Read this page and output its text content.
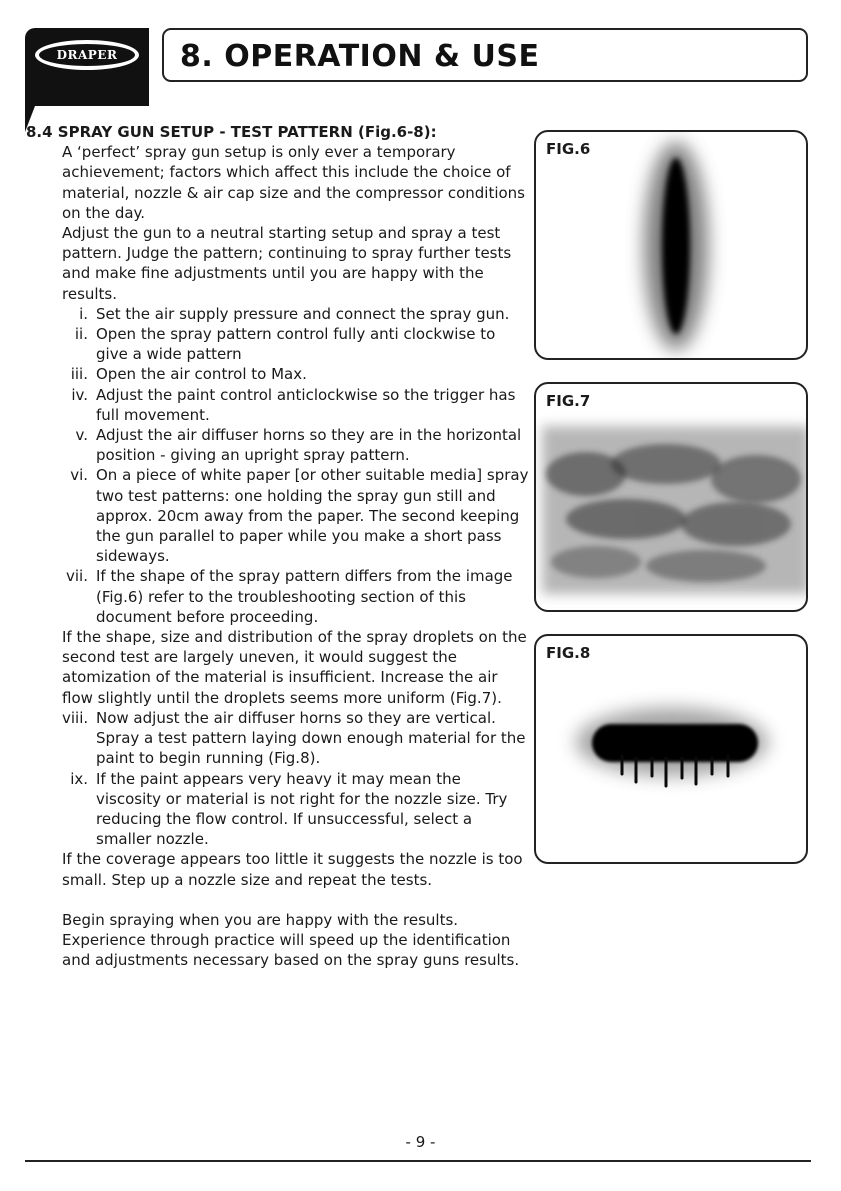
DRAPER
R 8. OPERATION & USE
8.4 SPRAY GUN SETUP - TEST PATTERN (Fig.6-8):
A ‘perfect’ spray gun setup is only ever a temporary achievement; factors which affect this include the choice of material, nozzle & air cap size and the compressor conditions on the day.
Adjust the gun to a neutral starting setup and spray a test pattern. Judge the pattern; continuing to spray further tests and make fine adjustments until you are happy with the results.
i. Set the air supply pressure and connect the spray gun.
ii. Open the spray pattern control fully anti clockwise to give a wide pattern
iii. Open the air control to Max.
iv. Adjust the paint control anticlockwise so the trigger has full movement.
v. Adjust the air diffuser horns so they are in the horizontal position - giving an upright spray pattern.
vi. On a piece of white paper [or other suitable media] spray two test patterns: one holding the spray gun still and approx. 20cm away from the paper. The second keeping the gun parallel to paper while you make a short pass sideways.
vii. If the shape of the spray pattern differs from the image (Fig.6) refer to the troubleshooting section of this document before proceeding.
If the shape, size and distribution of the spray droplets on the second test are largely uneven, it would suggest the atomization of the material is insufficient. Increase the air flow slightly until the droplets seems more uniform (Fig.7).
viii. Now adjust the air diffuser horns so they are vertical. Spray a test pattern laying down enough material for the paint to begin running (Fig.8).
ix. If the paint appears very heavy it may mean the viscosity or material is not right for the nozzle size. Try reducing the flow control. If unsuccessful, select a smaller nozzle.
If the coverage appears too little it suggests the nozzle is too small. Step up a nozzle size and repeat the tests.
Begin spraying when you are happy with the results. Experience through practice will speed up the identification and adjustments necessary based on the spray guns results.
FIG.6
FIG.7
FIG.8
- 9 -
